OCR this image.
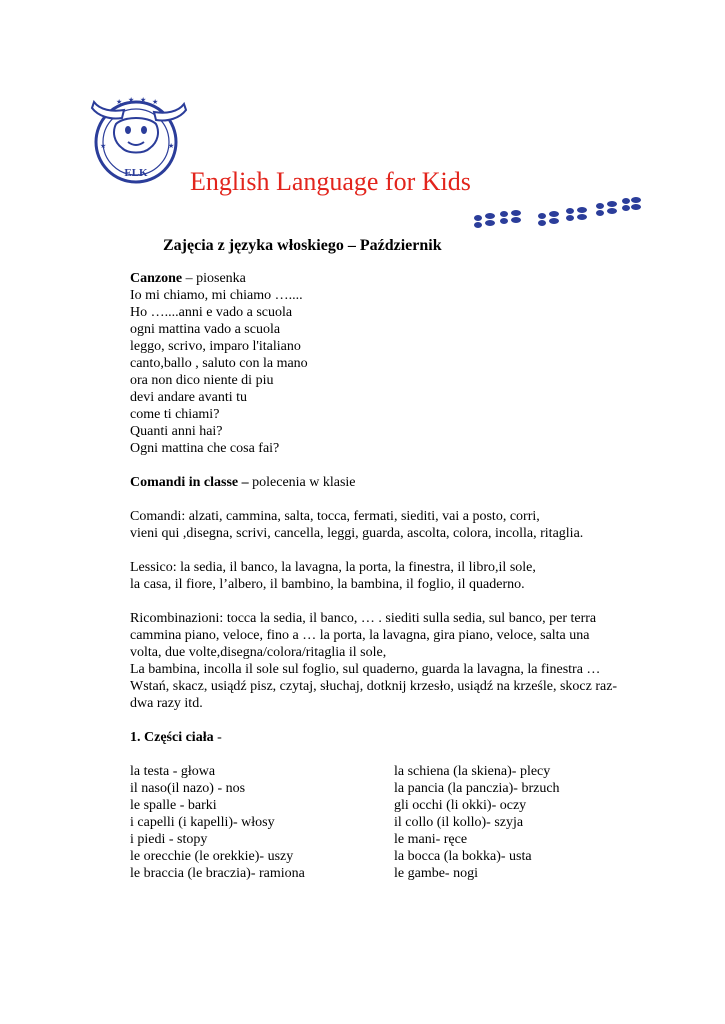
★ ★ ★ ★
★	★
ELK English Language for Kids
Zajęcia z języka włoskiego – Październik
Canzone – piosenka
Io mi chiamo, mi chiamo …....
Ho …....anni e vado a scuola
ogni mattina vado a scuola
leggo, scrivo, imparo l'italiano
canto,ballo , saluto con la mano
ora non dico niente di piu
devi andare avanti tu
come ti chiami?
Quanti anni hai?
Ogni mattina che cosa fai?
Comandi in classe – polecenia w klasie
Comandi: alzati, cammina, salta, tocca, fermati, siediti, vai a posto, corri,
vieni qui ,disegna, scrivi, cancella, leggi, guarda, ascolta, colora, incolla, ritaglia.
Lessico: la sedia, il banco, la lavagna, la porta, la finestra, il libro,il sole,
la casa, il fiore, l’albero, il bambino, la bambina, il foglio, il quaderno.
Ricombinazioni: tocca la sedia, il banco, … . siediti sulla sedia, sul banco, per terra
cammina piano, veloce, fino a … la porta, la lavagna, gira piano, veloce, salta una
volta, due volte,disegna/colora/ritaglia il sole,
La bambina, incolla il sole sul foglio, sul quaderno, guarda la lavagna, la finestra …
Wstań, skacz, usiądź pisz, czytaj, słuchaj, dotknij krzesło, usiądź na krześle, skocz raz-
dwa razy itd.
1. Części ciała -
la testa - głowa
il naso(il nazo) - nos
le spalle - barki
i capelli (i kapelli)- włosy
i piedi - stopy
le orecchie (le orekkie)- uszy
le braccia (le braczia)- ramiona
la schiena (la skiena)- plecy
la pancia (la panczia)- brzuch
gli occhi (li okki)- oczy
il collo (il kollo)- szyja
le mani- ręce
la bocca (la bokka)- usta
le gambe- nogi
